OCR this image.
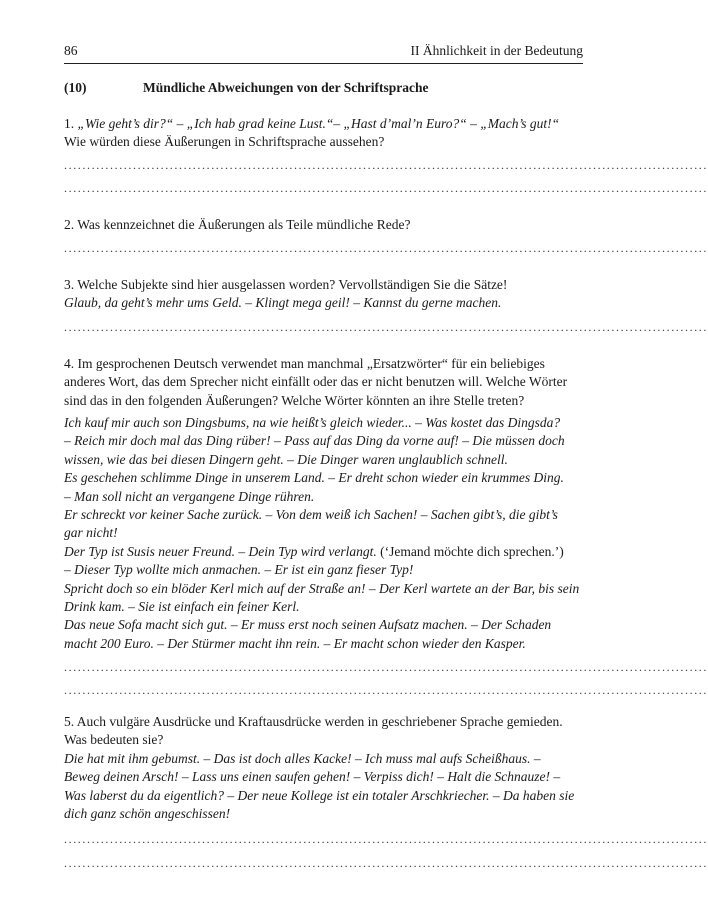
86	II Ähnlichkeit in der Bedeutung
(10)	Mündliche Abweichungen von der Schriftsprache

1. „Wie geht’s dir?“ – „Ich hab grad keine Lust.“– „Hast d’mal’n Euro?“ – „Mach’s gut!“

Wie würden diese Äußerungen in Schriftsprache aussehen?

............................................................................................................................................
............................................................................................................................................

2. Was kennzeichnet die Äußerungen als Teile mündliche Rede?

............................................................................................................................................

3. Welche Subjekte sind hier ausgelassen worden? Vervollständigen Sie die Sätze!

Glaub, da geht’s mehr ums Geld. – Klingt mega geil! – Kannst du gerne machen.

............................................................................................................................................

4. Im gesprochenen Deutsch verwendet man manchmal „Ersatzwörter“ für ein beliebiges

anderes Wort, das dem Sprecher nicht einfällt oder das er nicht benutzen will. Welche Wörter

sind das in den folgenden Äußerungen? Welche Wörter könnten an ihre Stelle treten?

Ich kauf mir auch son Dingsbums, na wie heißt’s gleich wieder... – Was kostet das Dingsda?

– Reich mir doch mal das Ding rüber! – Pass auf das Ding da vorne auf! – Die müssen doch

wissen, wie das bei diesen Dingern geht. – Die Dinger waren unglaublich schnell.

Es geschehen schlimme Dinge in unserem Land. – Er dreht schon wieder ein krummes Ding.

– Man soll nicht an vergangene Dinge rühren.

Er schreckt vor keiner Sache zurück. – Von dem weiß ich Sachen! – Sachen gibt’s, die gibt’s

gar nicht!

Der Typ ist Susis neuer Freund. – Dein Typ wird verlangt. (‘Jemand möchte dich sprechen.’)

– Dieser Typ wollte mich anmachen. – Er ist ein ganz fieser Typ!

Spricht doch so ein blöder Kerl mich auf der Straße an! – Der Kerl wartete an der Bar, bis sein

Drink kam. – Sie ist einfach ein feiner Kerl.

Das neue Sofa macht sich gut. – Er muss erst noch seinen Aufsatz machen. – Der Schaden

macht 200 Euro. – Der Stürmer macht ihn rein. – Er macht schon wieder den Kasper.

............................................................................................................................................
............................................................................................................................................

5. Auch vulgäre Ausdrücke und Kraftausdrücke werden in geschriebener Sprache gemieden.

Was bedeuten sie?

Die hat mit ihm gebumst. – Das ist doch alles Kacke! – Ich muss mal aufs Scheißhaus. –

Beweg deinen Arsch! – Lass uns einen saufen gehen! – Verpiss dich! – Halt die Schnauze! –

Was laberst du da eigentlich? – Der neue Kollege ist ein totaler Arschkriecher. – Da haben sie

dich ganz schön angeschissen!

............................................................................................................................................
............................................................................................................................................
